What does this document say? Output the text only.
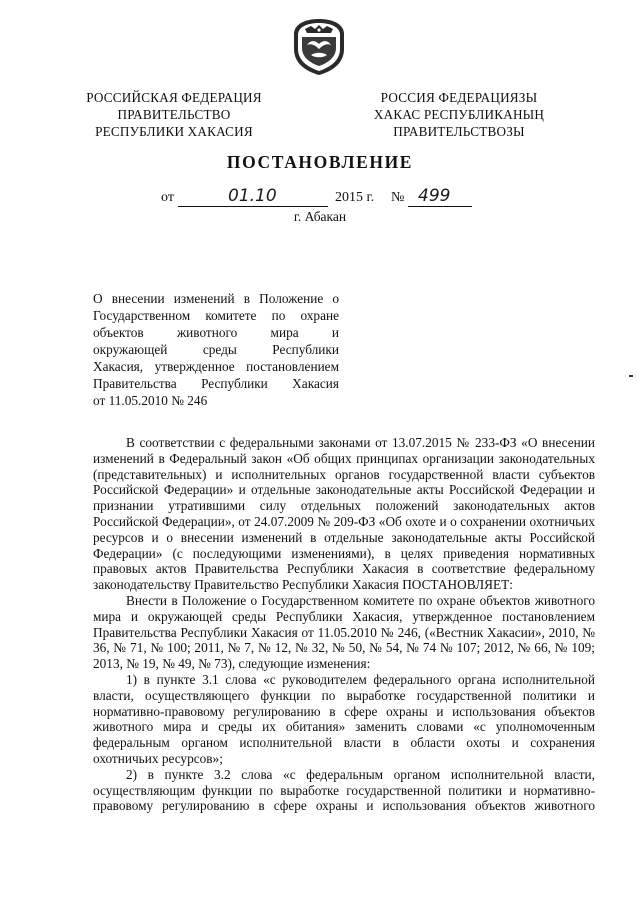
РОССИЙСКАЯ ФЕДЕРАЦИЯ
ПРАВИТЕЛЬСТВО
РЕСПУБЛИКИ ХАКАСИЯ
РОССИЯ ФЕДЕРАЦИЯЗЫ
ХАКАС РЕСПУБЛИКАНЫҢ
ПРАВИТЕЛЬСТВОЗЫ
ПОСТАНОВЛЕНИЕ
от	01.10	2015 г. № 499
г. Абакан
О внесении изменений в Положение о
Государственном комитете по охране
объектов животного мира и
окружающей среды Республики
Хакасия, утвержденное постановлением
Правительства Республики Хакасия
от 11.05.2010 № 246

В соответствии с федеральными законами от 13.07.2015 № 233-ФЗ «О внесении изменений в Федеральный закон «Об общих принципах организации законодательных (представительных) и исполнительных органов государственной власти субъектов Российской Федерации» и отдельные законодательные акты Российской Федерации и признании утратившими силу отдельных положений законодательных актов Российской Федерации», от 24.07.2009 № 209-ФЗ «Об охоте и о сохранении охотничьих ресурсов и о внесении изменений в отдельные законодательные акты Российской Федерации» (с последующими изменениями), в целях приведения нормативных правовых актов Правительства Республики Хакасия в соответствие федеральному законодательству Правительство Республики Хакасия ПОСТАНОВЛЯЕТ:

Внести в Положение о Государственном комитете по охране объектов животного мира и окружающей среды Республики Хакасия, утвержденное постановлением Правительства Республики Хакасия от 11.05.2010 № 246, («Вестник Хакасии», 2010, № 36, № 71, № 100; 2011, № 7, № 12, № 32, № 50, № 54, № 74 № 107; 2012, № 66, № 109; 2013, № 19, № 49, № 73), следующие изменения:

1) в пункте 3.1 слова «с руководителем федерального органа исполнительной власти, осуществляющего функции по выработке государственной политики и нормативно-правовому регулированию в сфере охраны и использования объектов животного мира и среды их обитания» заменить словами «с уполномоченным федеральным органом исполнительной власти в области охоты и сохранения охотничьих ресурсов»;

2) в пункте 3.2 слова «с федеральным органом исполнительной власти, осуществляющим функции по выработке государственной политики и нормативно-правовому регулированию в сфере охраны и использования объектов животного
